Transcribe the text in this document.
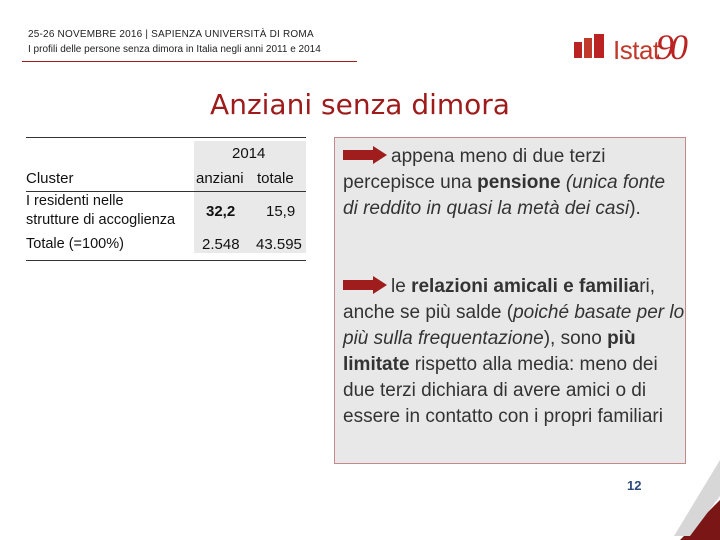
25-26 NOVEMBRE 2016 | SAPIENZA UNIVERSITÀ DI ROMA
I profili delle persone senza dimora in Italia negli anni 2011 e 2014	Istat
90
Anziani senza dimora
2014
Cluster	anziani totale
I residenti nelle
strutture di accoglienza 32,2 15,9
Totale (=100%)	2.548 43.595
appena meno di due terzi percepisce una pensione (unica fonte di reddito in quasi la metà dei casi).
le relazioni amicali e familiari, anche se più salde (poiché basate per lo più sulla frequentazione), sono più limitate rispetto alla media: meno dei due terzi dichiara di avere amici o di essere in contatto con i propri familiari
12
